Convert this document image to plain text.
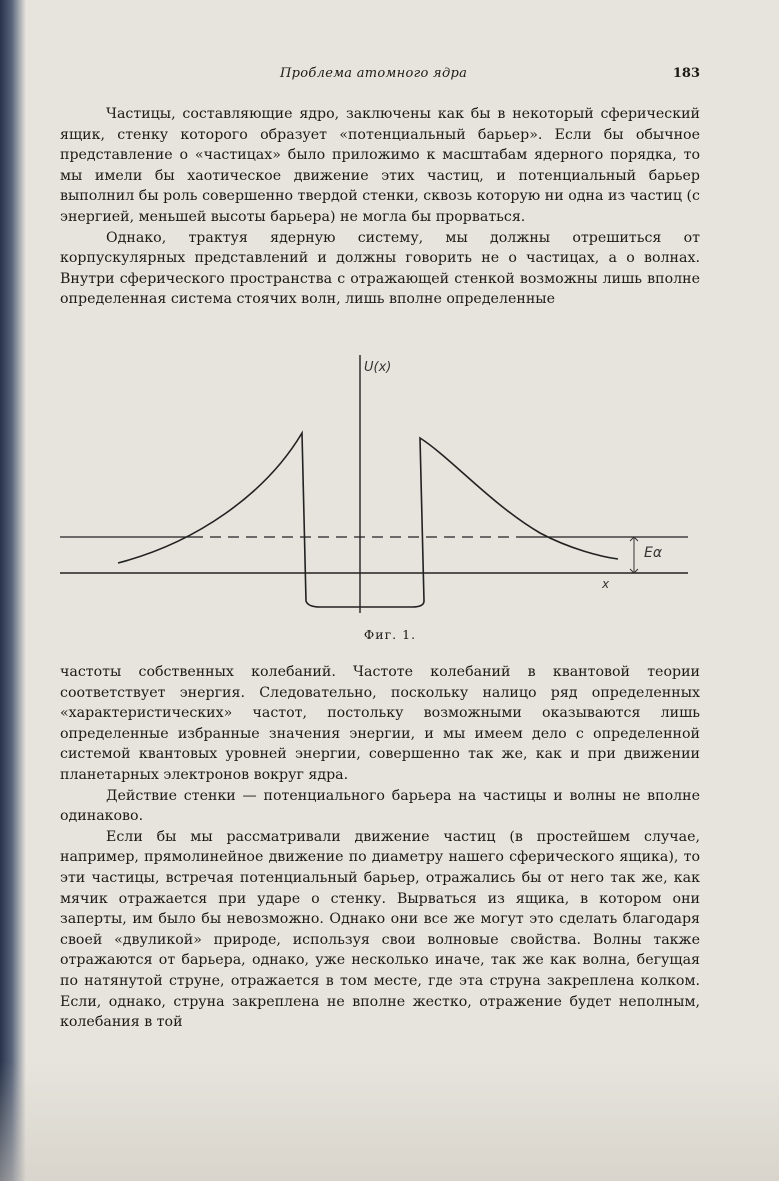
Проблема атомного ядра	183

Частицы, составляющие ядро, заключены как бы в некоторый сферический ящик, стенку которого образует «потенциальный барьер». Если бы обычное представление о «частицах» было приложимо к масштабам ядерного порядка, то мы имели бы хаотическое движение этих частиц, и потенциальный барьер выполнил бы роль совершенно твердой стенки, сквозь которую ни одна из частиц (с энергией, меньшей высоты барьера) не могла бы прорваться.

Однако, трактуя ядерную систему, мы должны отрешиться от корпускулярных представлений и должны говорить не о частицах, а о волнах. Внутри сферического пространства с отражающей стенкой возможны лишь вполне определенная система стоячих волн, лишь вполне определенные

U(x)
x
Eα
Фиг. 1.

частоты собственных колебаний. Частоте колебаний в квантовой теории соответствует энергия. Следовательно, поскольку налицо ряд определенных «характеристических» частот, постольку возможными оказываются лишь определенные избранные значения энергии, и мы имеем дело с определенной системой квантовых уровней энергии, совершенно так же, как и при движении планетарных электронов вокруг ядра.

Действие стенки — потенциального барьера на частицы и волны не вполне одинаково.

Если бы мы рассматривали движение частиц (в простейшем случае, например, прямолинейное движение по диаметру нашего сферического ящика), то эти частицы, встречая потенциальный барьер, отражались бы от него так же, как мячик отражается при ударе о стенку. Вырваться из ящика, в котором они заперты, им было бы невозможно. Однако они все же могут это сделать благодаря своей «двуликой» природе, используя свои волновые свойства. Волны также отражаются от барьера, однако, уже несколько иначе, так же как волна, бегущая по натянутой струне, отражается в том месте, где эта струна закреплена колком. Если, однако, струна закреплена не вполне жестко, отражение будет неполным, колебания в той
